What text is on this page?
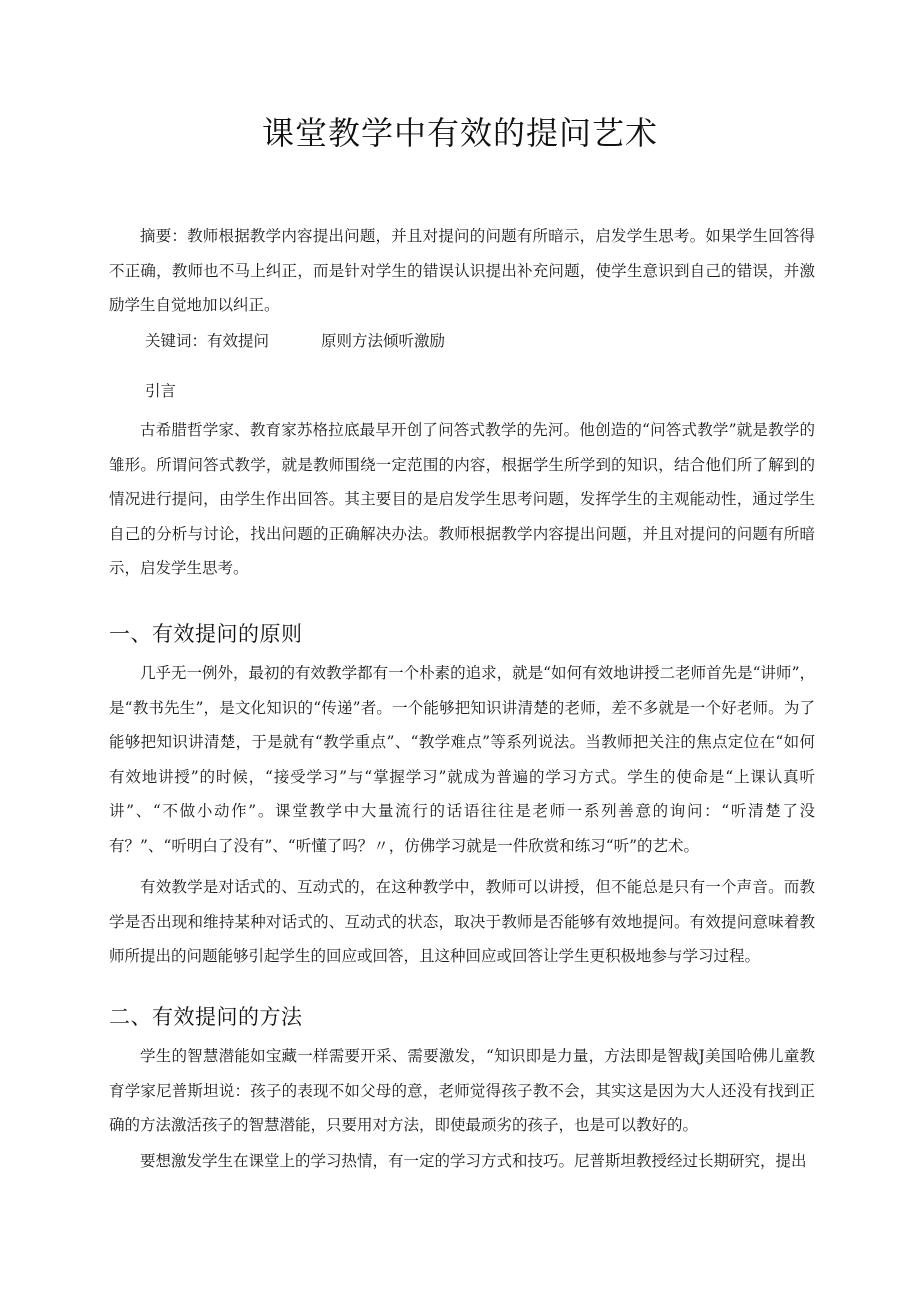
课堂教学中有效的提问艺术

摘要：教师根据教学内容提出问题，并且对提问的问题有所暗示，启发学生思考。如果学生回答得不正确，教师也不马上纠正，而是针对学生的错误认识提出补充问题，使学生意识到自己的错误，并激励学生自觉地加以纠正。

关键词：有效提问	原则方法倾听激励

引言

古希腊哲学家、教育家苏格拉底最早开创了问答式教学的先河。他创造的“问答式教学”就是教学的雏形。所谓问答式教学，就是教师围绕一定范围的内容，根据学生所学到的知识，结合他们所了解到的情况进行提问，由学生作出回答。其主要目的是启发学生思考问题，发挥学生的主观能动性，通过学生自己的分析与讨论，找出问题的正确解决办法。教师根据教学内容提出问题，并且对提问的问题有所暗示，启发学生思考。

一、有效提问的原则

几乎无一例外，最初的有效教学都有一个朴素的追求，就是“如何有效地讲授二老师首先是“讲师”，是“教书先生”，是文化知识的“传递”者。一个能够把知识讲清楚的老师，差不多就是一个好老师。为了能够把知识讲清楚，于是就有“教学重点”、“教学难点”等系列说法。当教师把关注的焦点定位在“如何有效地讲授”的时候，“接受学习”与“掌握学习”就成为普遍的学习方式。学生的使命是“上课认真听讲”、“不做小动作”。课堂教学中大量流行的话语往往是老师一系列善意的询问：“听清楚了没有？”、“听明白了没有”、“听懂了吗？〃，仿佛学习就是一件欣赏和练习“听”的艺术。

有效教学是对话式的、互动式的，在这种教学中，教师可以讲授，但不能总是只有一个声音。而教学是否出现和维持某种对话式的、互动式的状态，取决于教师是否能够有效地提问。有效提问意味着教师所提出的问题能够引起学生的回应或回答，且这种回应或回答让学生更积极地参与学习过程。

二、有效提问的方法

学生的智慧潜能如宝藏一样需要开采、需要激发，“知识即是力量，方法即是智裁J美国哈佛儿童教育学家尼普斯坦说：孩子的表现不如父母的意，老师觉得孩子教不会，其实这是因为大人还没有找到正确的方法激活孩子的智慧潜能，只要用对方法，即使最顽劣的孩子，也是可以教好的。

要想激发学生在课堂上的学习热情，有一定的学习方式和技巧。尼普斯坦教授经过长期研究，提出
